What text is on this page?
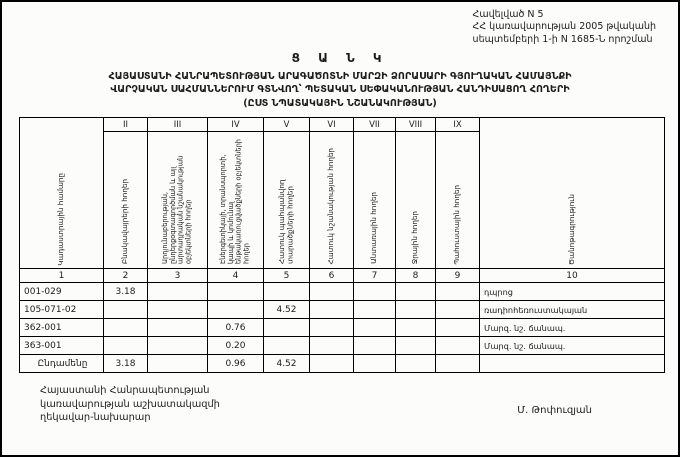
Հավելված N 5
ՀՀ կառավարության 2005 թվականի
սեպտեմբերի 1-ի N 1685-Ն որոշման
Ց Ա Ն Կ
ՀԱՅԱՍՏԱՆԻ ՀԱՆՐԱՊԵՏՈՒԹՅԱՆ ԱՐԱԳԱԾՈՏՆԻ ՄԱՐԶԻ ՁՈՐԱՍԱՐԻ ԳՅՈՒՂԱԿԱՆ ՀԱՄԱՅՆՔԻ
ՎԱՐՉԱԿԱՆ ՍԱՀՄԱՆՆԵՐՈՒՄ ԳՏՆՎՈՂ՝ ՊԵՏԱԿԱՆ ՍԵՓԱԿԱՆՈՒԹՅԱՆ ՀԱՆԴԻՍԱՑՈՂ ՀՈՂԵՐԻ
(ԸՍՏ ՆՊԱՏԱԿԱՅԻՆ ՆՇԱՆԱԿՈՒԹՅԱՆ)
Կադաստրային համարը	II	III	IV	V	VI	VII	VIII	IX	Ծանոթագրություն

	Բնակավայրերի հողեր	Արդյունաբերության, ընդերքօգտագործման և այլ արտադրական նշանակության օբյեկտների հողեր	Էներգետիկայի, տրանսպորտի, կապի և կոմունալ ենթակառուցվածքների օբյեկտների հողեր	Հատուկ պահպանվող տարածքների հողեր	Հատուկ նշանակության հողեր	Անտառային հողեր	Ջրային հողեր	Պահուստային հողեր	

1	2	3	4	5	6	7	8	9	10
001-029	3.18								դպրոց
105-071-02				4.52					ռադիոհեռուստակայան
362-001			0.76						Մարզ. նշ. ճանապ.
363-001			0.20						Մարզ. նշ. ճանապ.
Ընդամենը	3.18		0.96	4.52					
Հայաստանի Հանրապետության
կառավարության աշխատակազմի
ղեկավար-նախարար
Մ. Թոփուզյան
